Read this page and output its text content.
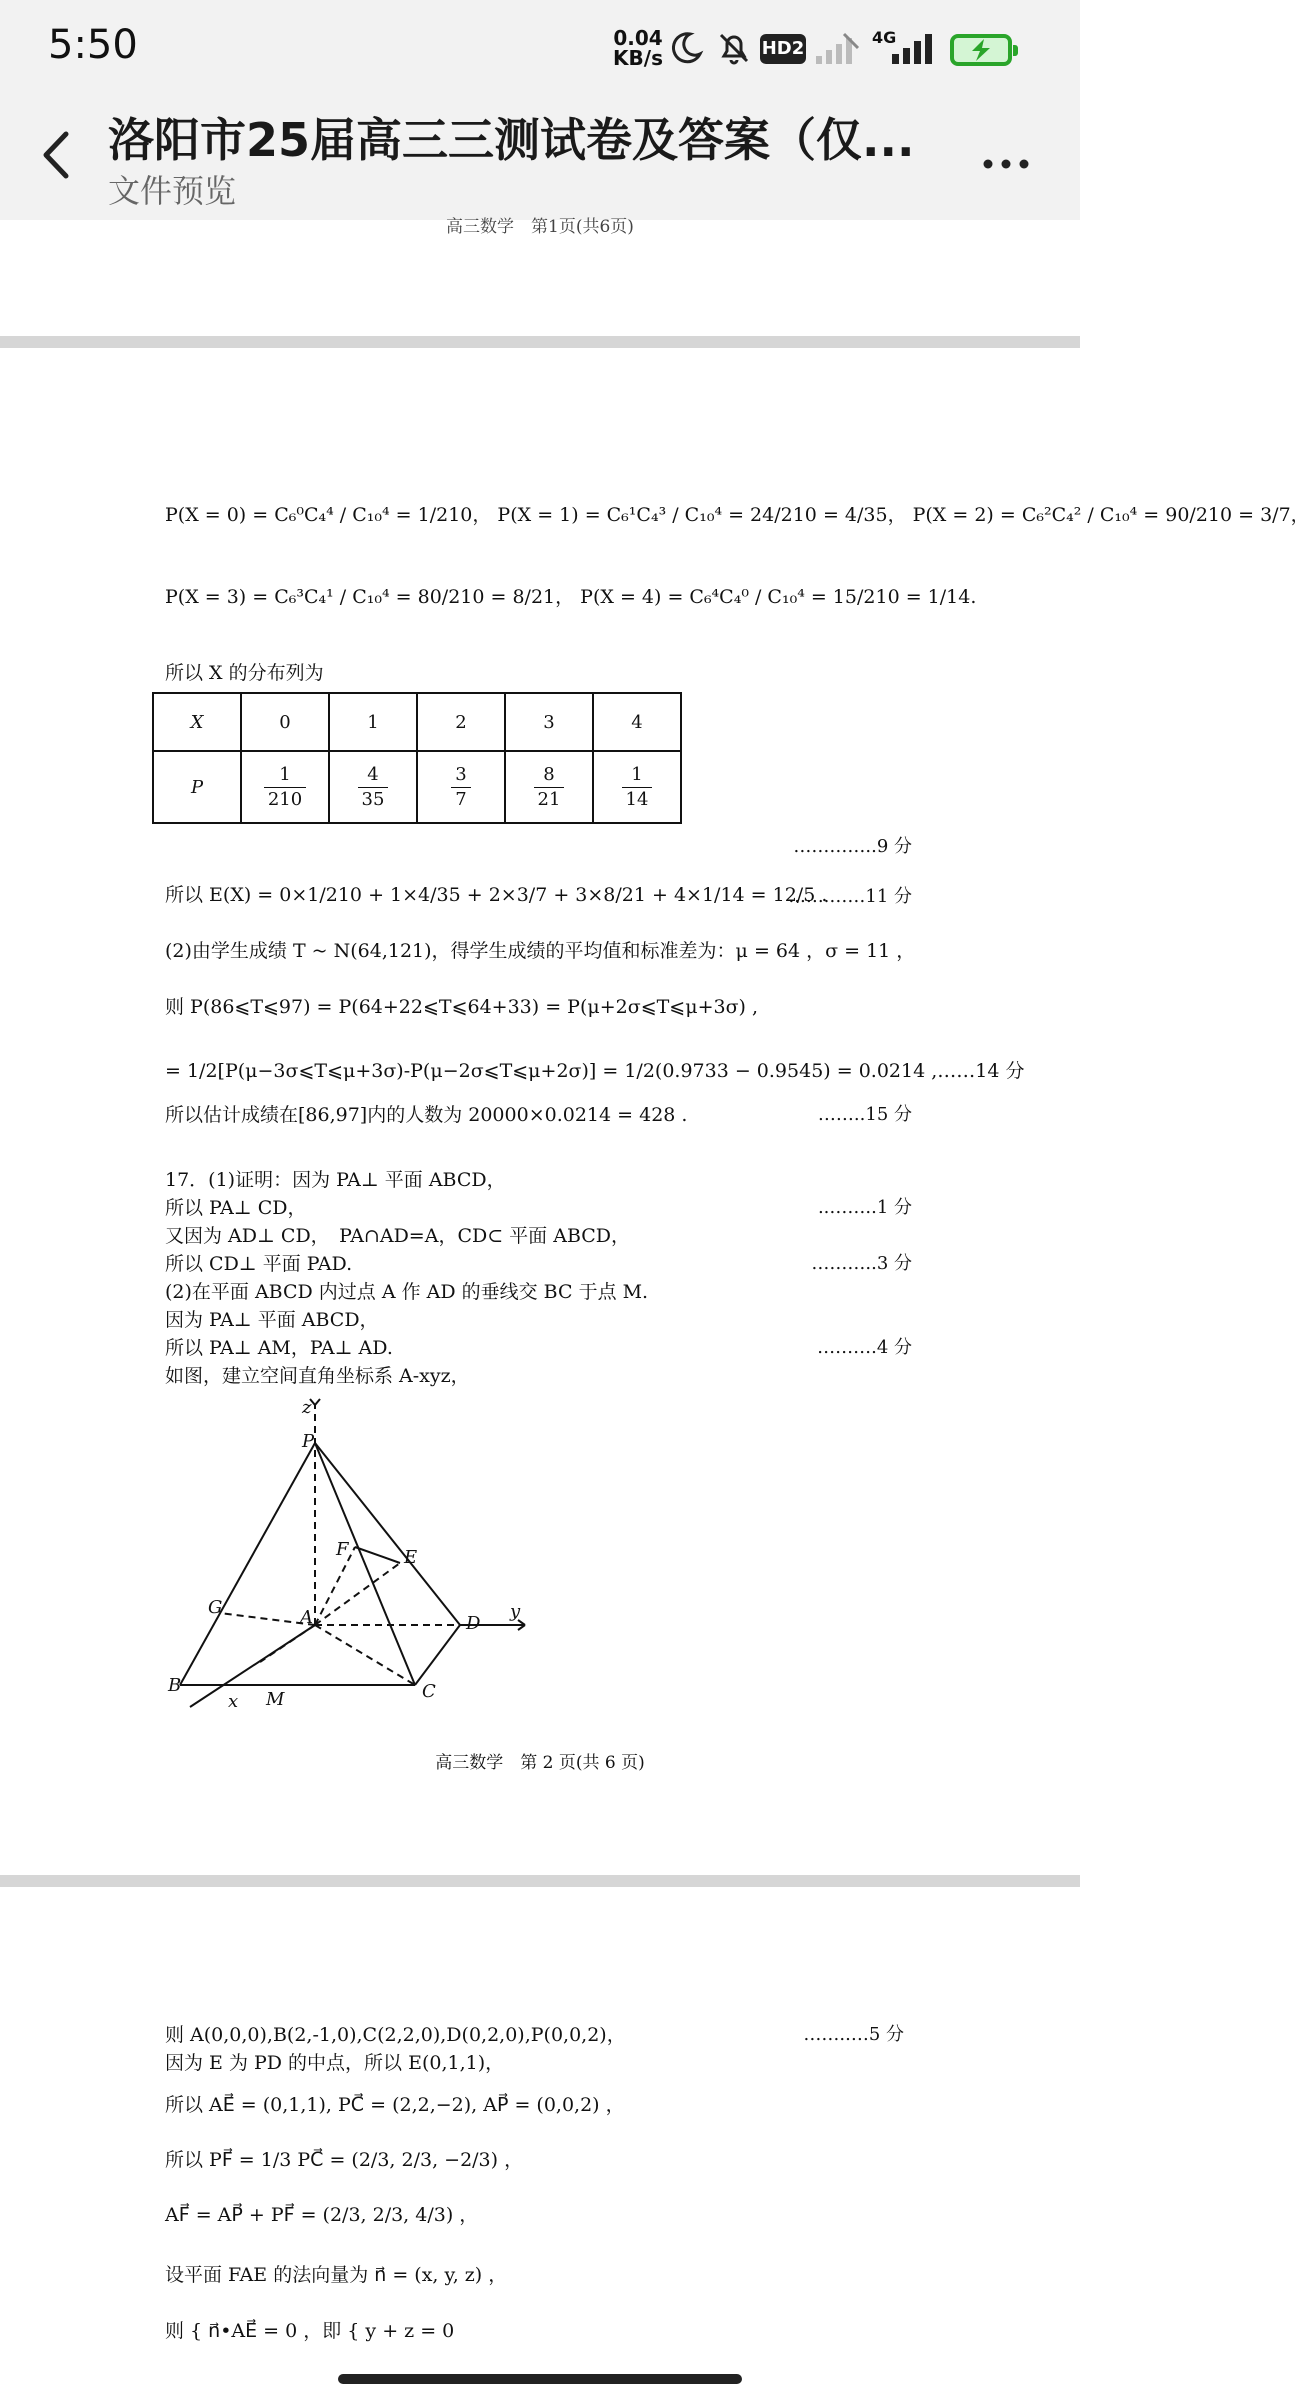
5:50	0.04
KB/s	HD2
4G
洛阳市25届高三三测试卷及答案（仅...
文件预览
高三数学　第1页(共6页)
P(X = 0) = C₆⁰C₄⁴ / C₁₀⁴ = 1/210， P(X = 1) = C₆¹C₄³ / C₁₀⁴ = 24/210 = 4/35， P(X = 2) = C₆²C₄² / C₁₀⁴ = 90/210 = 3/7，
P(X = 3) = C₆³C₄¹ / C₁₀⁴ = 80/210 = 8/21， P(X = 4) = C₆⁴C₄⁰ / C₁₀⁴ = 15/210 = 1/14.
所以 X 的分布列为
X	0	1	2	3	4
P	$\frac{1}{210}$	$\frac{4}{35}$	$\frac{3}{7}$	$\frac{8}{21}$	$\frac{1}{14}$
…………..9 分
所以 E(X) = 0×1/210 + 1×4/35 + 2×3/7 + 3×8/21 + 4×1/14 = 12/5 .
..…..……11 分
(2)由学生成绩 T ~ N(64,121)，得学生成绩的平均值和标准差为：μ = 64 ，σ = 11 ，
则 P(86⩽T⩽97) = P(64+22⩽T⩽64+33) = P(μ+2σ⩽T⩽μ+3σ) ,
= 1/2[P(μ−3σ⩽T⩽μ+3σ)-P(μ−2σ⩽T⩽μ+2σ)] = 1/2(0.9733 − 0.9545) = 0.0214 ,……14 分
所以估计成绩在[86,97]内的人数为 20000×0.0214 = 428 .	……..15 分
17．(1)证明：因为 PA⊥ 平面 ABCD，
所以 PA⊥ CD，	..……..1 分
又因为 AD⊥ CD，　PA∩AD=A，CD⊂ 平面 ABCD，
所以 CD⊥ 平面 PAD.	………..3 分
(2)在平面 ABCD 内过点 A 作 AD 的垂线交 BC 于点 M.
因为 PA⊥ 平面 ABCD，
所以 PA⊥ AM，PA⊥ AD.	……….4 分
如图，建立空间直角坐标系 A-xyz，
z
P
F	E
G	A	D
y
B
x M	C
高三数学　第 2 页(共 6 页)
则 A(0,0,0),B(2,-1,0),C(2,2,0),D(0,2,0),P(0,0,2)，	……..…5 分
因为 E 为 PD 的中点，所以 E(0,1,1)，
所以 AE⃗ = (0,1,1), PC⃗ = (2,2,−2), AP⃗ = (0,0,2) ，
所以 PF⃗ = 1/3 PC⃗ = (2/3, 2/3, −2/3) ，
AF⃗ = AP⃗ + PF⃗ = (2/3, 2/3, 4/3) ，
设平面 FAE 的法向量为 n⃗ = (x, y, z) ，
则 { n⃗•AE⃗ = 0 ，即 { y + z = 0
